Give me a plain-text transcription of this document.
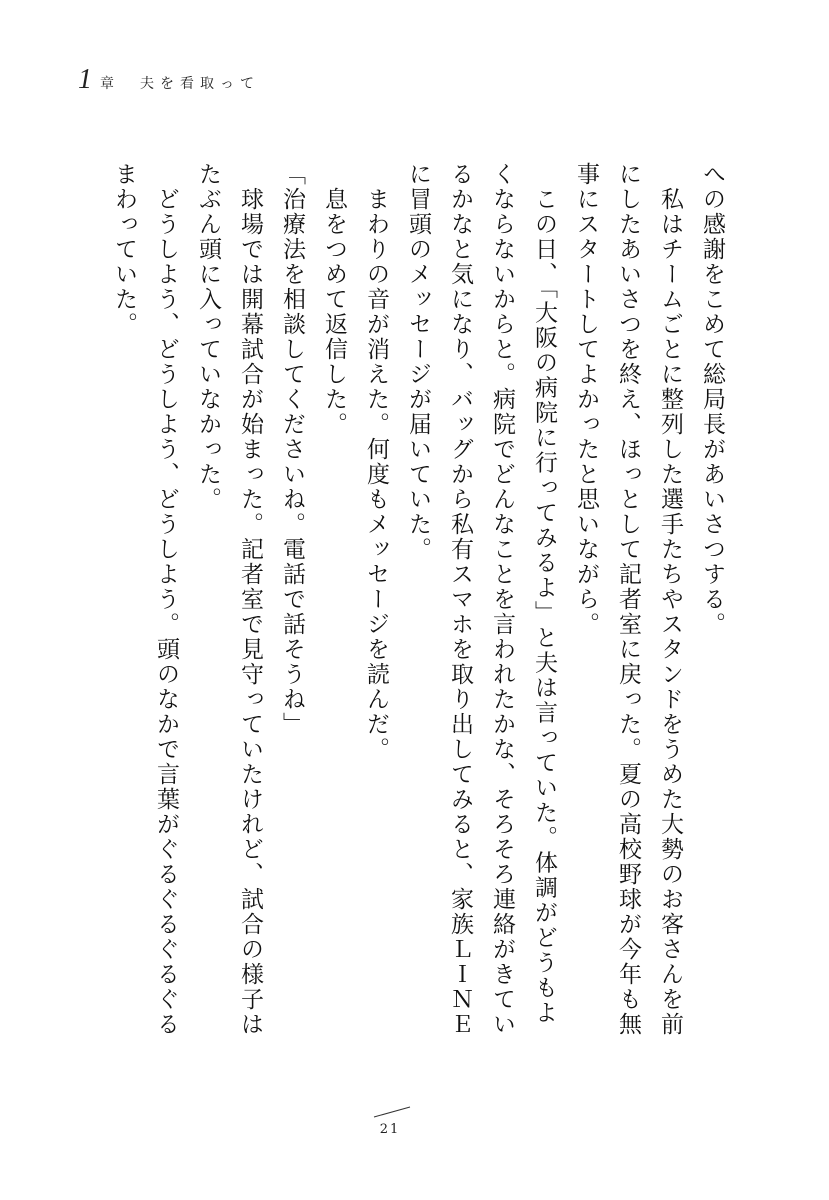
1 章　夫を看取って

への感謝をこめて総局長があいさつする。

　私はチームごとに整列した選手たちやスタンドをうめた大勢のお客さんを前にしたあいさつを終え、ほっとして記者室に戻った。夏の高校野球が今年も無事にスタートしてよかったと思いながら。

　この日、「大阪の病院に行ってみるよ」と夫は言っていた。体調がどうもよくならないからと。病院でどんなことを言われたかな、そろそろ連絡がきているかなと気になり、バッグから私有スマホを取り出してみると、家族ＬＩＮＥに冒頭のメッセージが届いていた。

　まわりの音が消えた。何度もメッセージを読んだ。

　息をつめて返信した。

「治療法を相談してくださいね。電話で話そうね」

　球場では開幕試合が始まった。記者室で見守っていたけれど、試合の様子はたぶん頭に入っていなかった。

　どうしよう、どうしよう、どうしよう。頭のなかで言葉がぐるぐるぐるぐるまわっていた。

21
